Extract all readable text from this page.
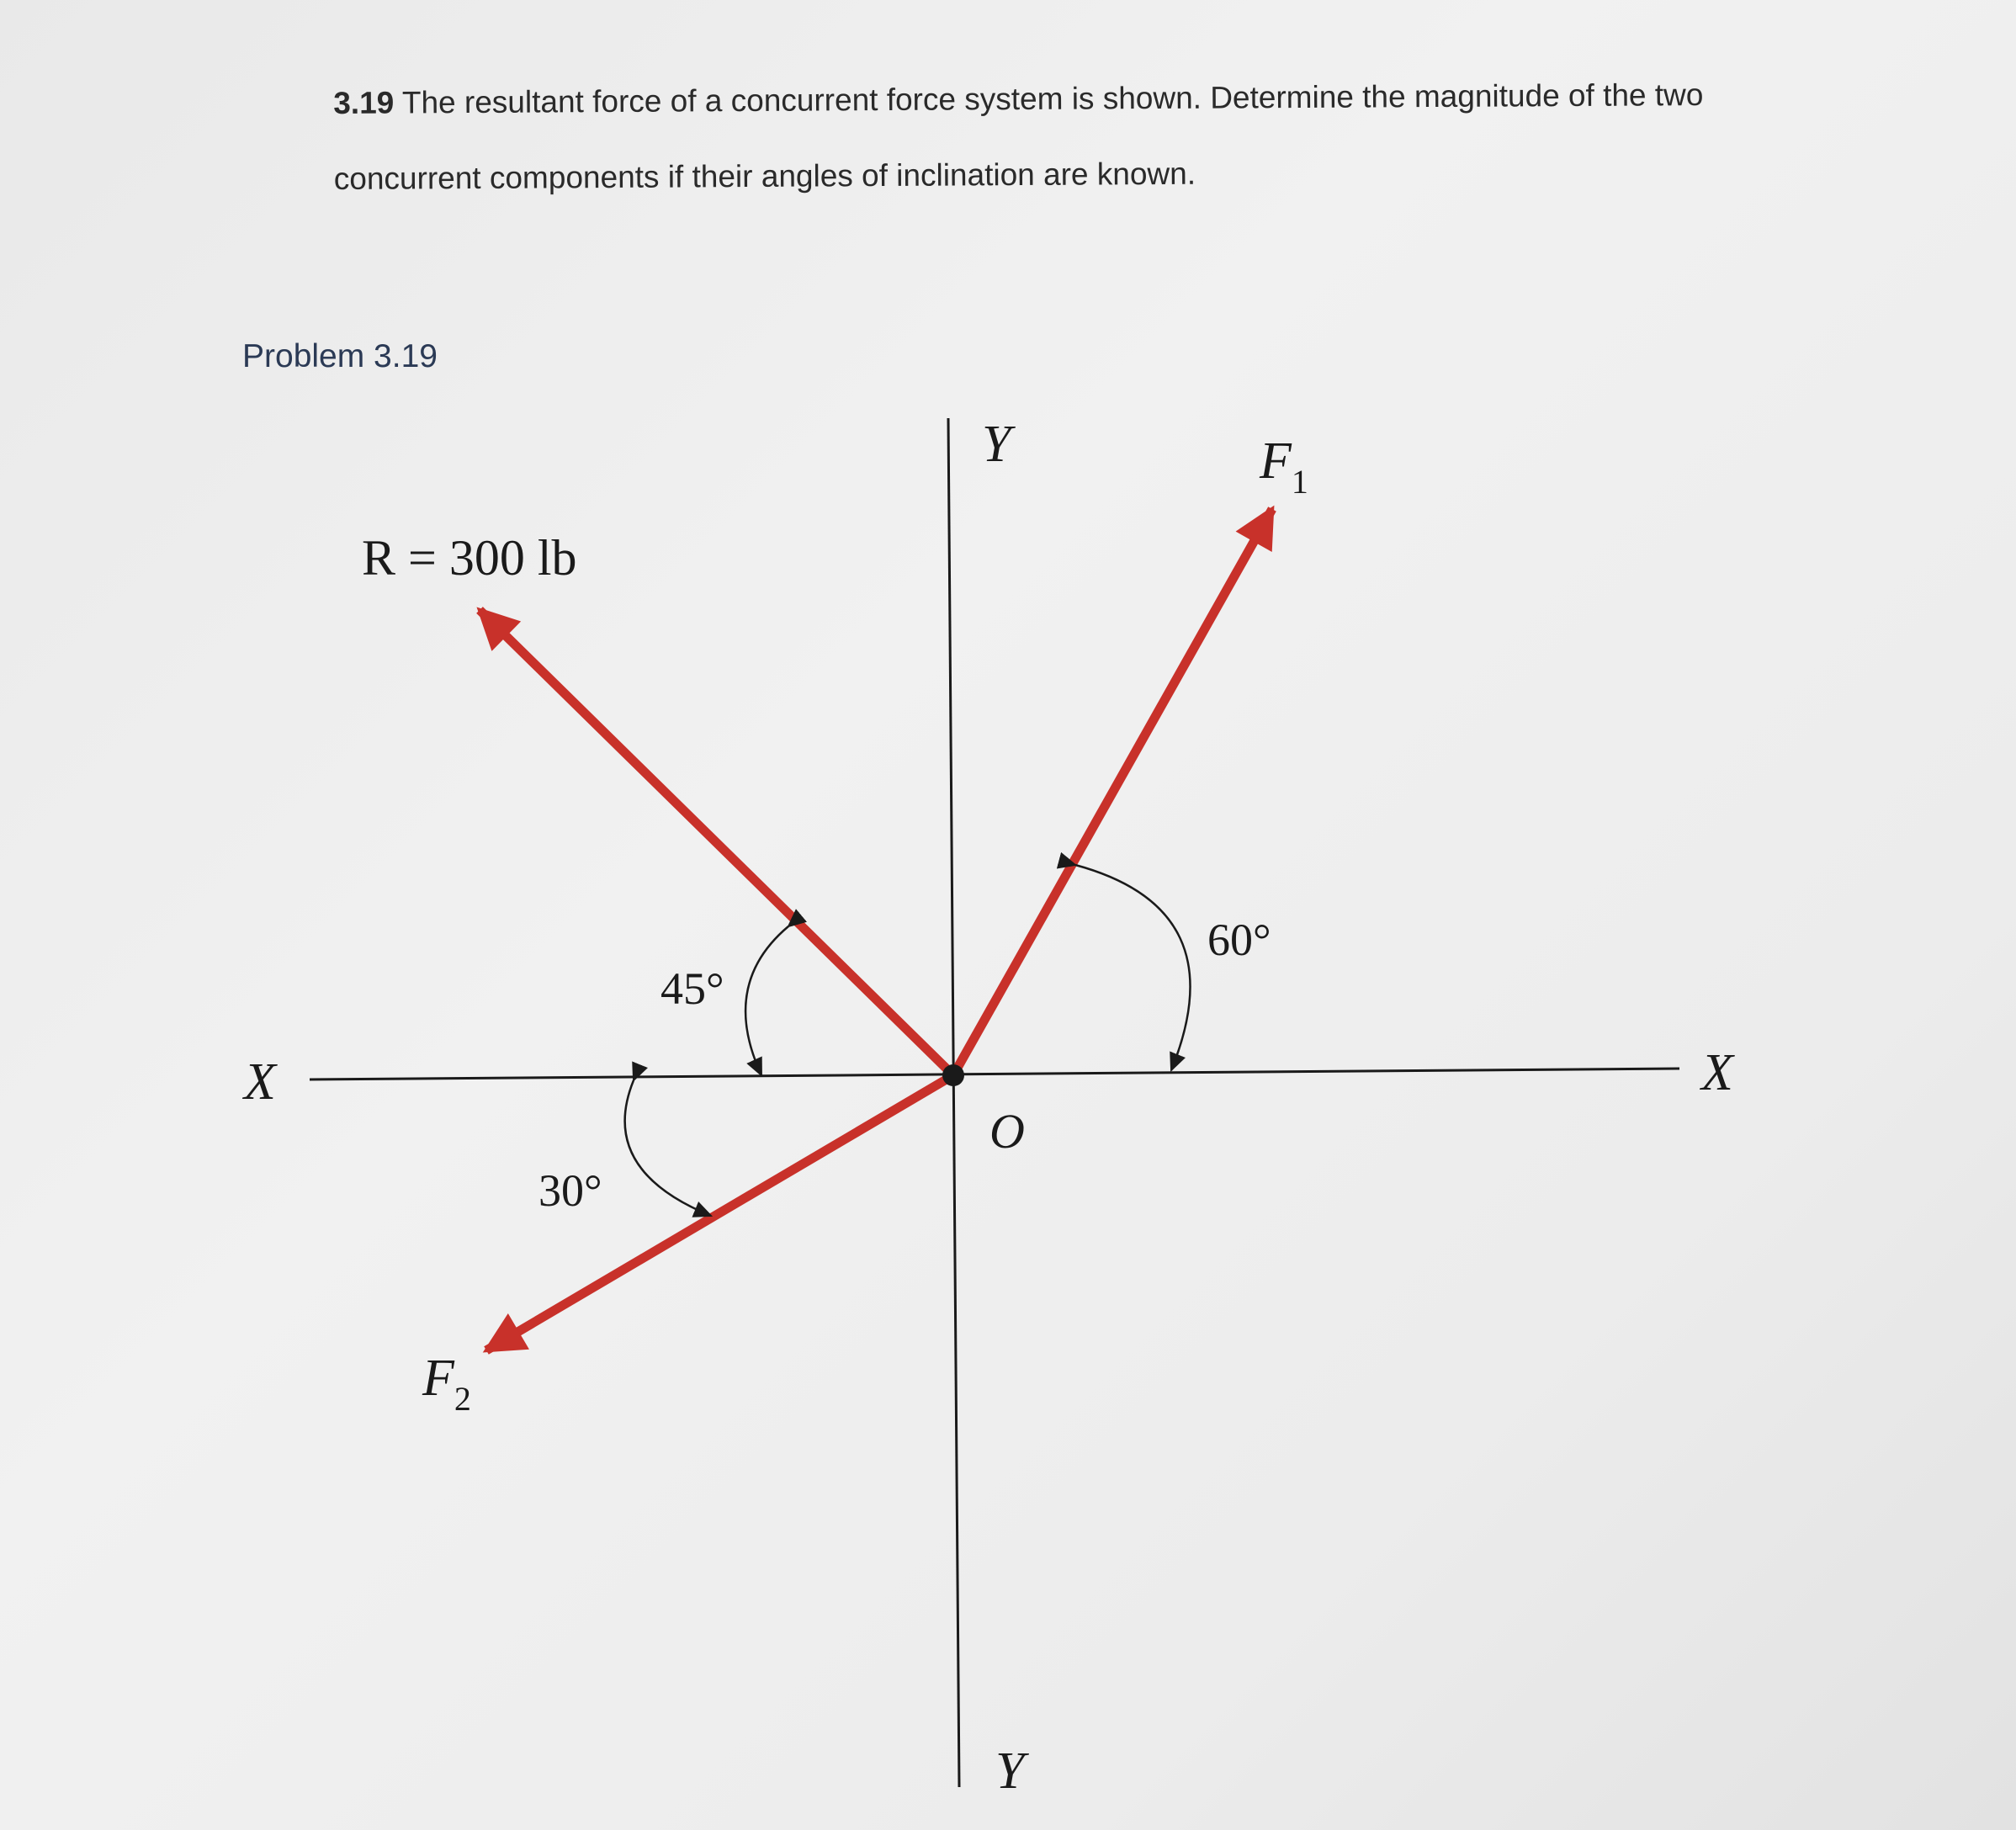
3.19 The resultant force of a concurrent force system is shown. Determine the magnitude of the two
concurrent components if their angles of inclination are known.
Problem 3.19
X	X
Y
Y
O
R = 300 lb
$F_1$
$F_2$
45°
60°
30°
